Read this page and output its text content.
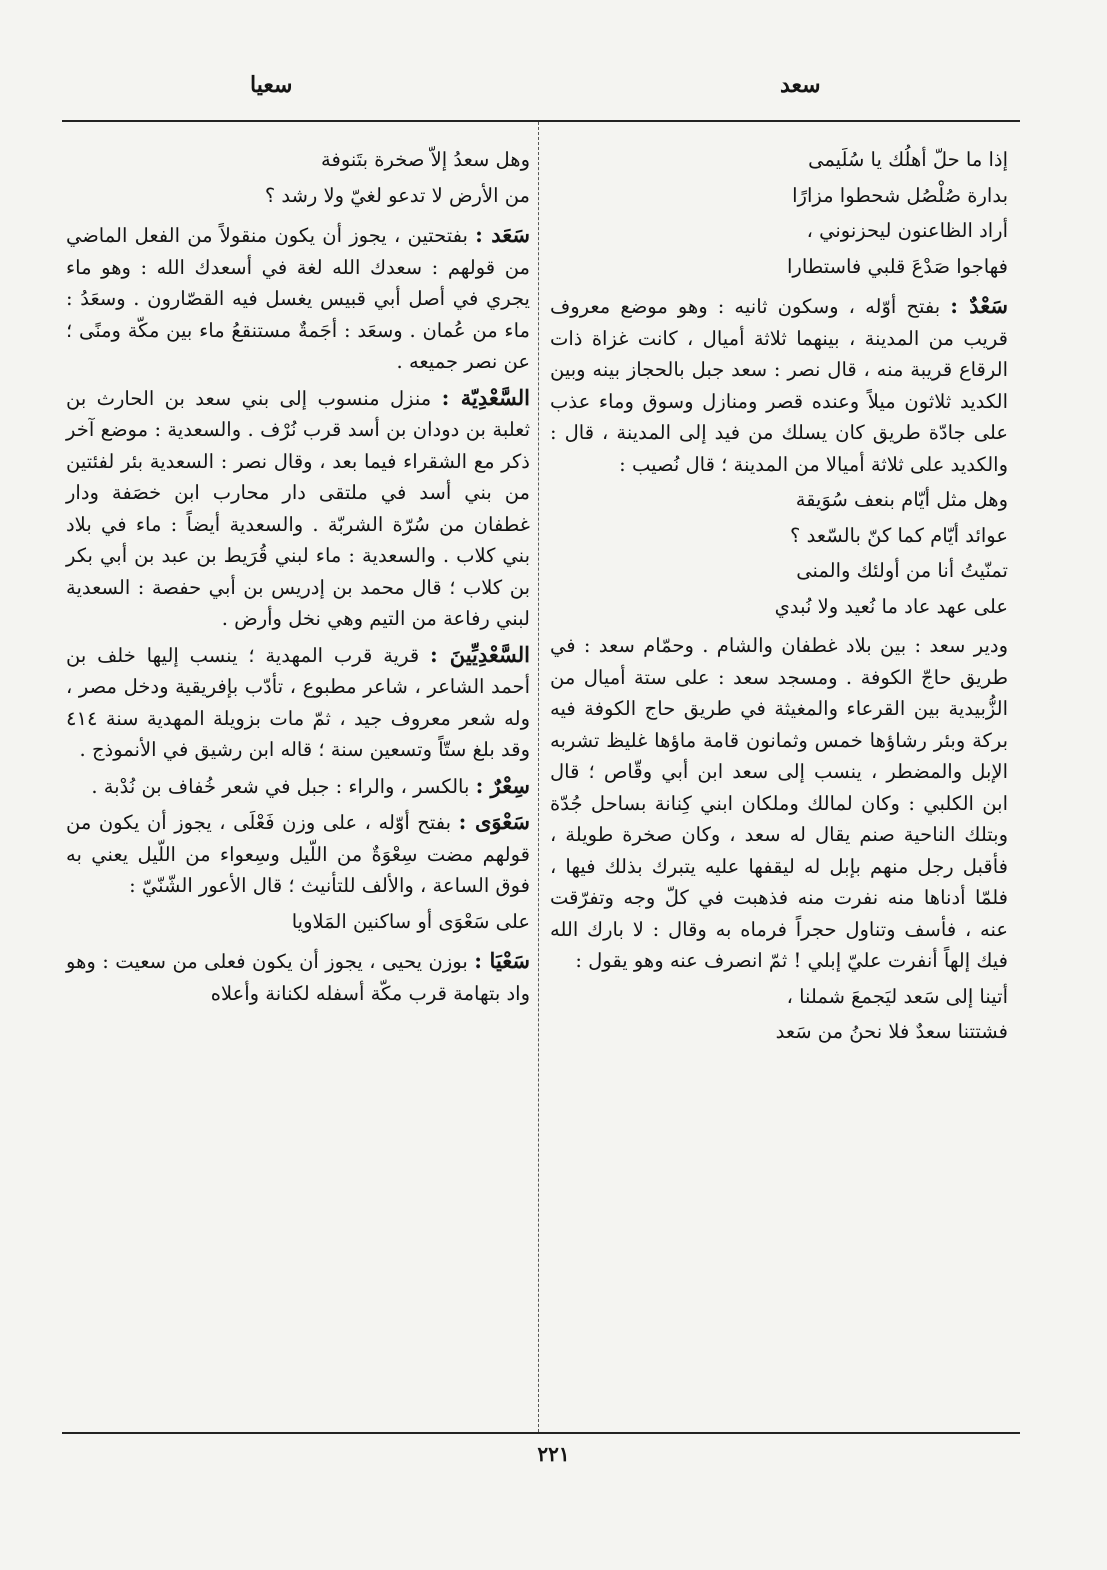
سعد
سعيا

إذا ما حلّ أهلُك يا سُلَيمى

بدارة صُلْصُل شحطوا مزارًا

أراد الظاعنون ليحزنوني ،

فهاجوا صَدْعَ قلبي فاستطارا

سَعْدٌ : بفتح أوّله ، وسكون ثانيه : وهو موضع معروف قريب من المدينة ، بينهما ثلاثة أميال ، كانت غزاة ذات الرقاع قريبة منه ، قال نصر : سعد جبل بالحجاز بينه وبين الكديد ثلاثون ميلاً وعنده قصر ومنازل وسوق وماء عذب على جادّة طريق كان يسلك من فيد إلى المدينة ، قال : والكديد على ثلاثة أميالا من المدينة ؛ قال نُصيب :

وهل مثل أيّام بنعف سُوَيقة

عوائد أيّام كما كنّ بالسّعد ؟

تمنّيتُ أنا من أولئك والمنى

على عهد عاد ما نُعيد ولا نُبدي

ودير سعد : بين بلاد غطفان والشام . وحمّام سعد : في طريق حاجّ الكوفة . ومسجد سعد : على ستة أميال من الزُّبيدية بين القرعاء والمغيثة في طريق حاج الكوفة فيه بركة وبئر رشاؤها خمس وثمانون قامة ماؤها غليظ تشربه الإبل والمضطر ، ينسب إلى سعد ابن أبي وقّاص ؛ قال ابن الكلبي : وكان لمالك وملكان ابني كِنانة بساحل جُدّة وبتلك الناحية صنم يقال له سعد ، وكان صخرة طويلة ، فأقبل رجل منهم بإبل له ليقفها عليه يتبرك بذلك فيها ، فلمّا أدناها منه نفرت منه فذهبت في كلّ وجه وتفرّقت عنه ، فأسف وتناول حجراً فرماه به وقال : لا بارك الله فيك إلهاً أنفرت عليّ إبلي ! ثمّ انصرف عنه وهو يقول :

أتينا إلى سَعد ليَجمعَ شملنا ،

فشتتنا سعدٌ فلا نحنُ من سَعد

وهل سعدُ إلاّ صخرة بتَنوفة

من الأرض لا تدعو لغيّ ولا رشد ؟

سَعَد : بفتحتين ، يجوز أن يكون منقولاً من الفعل الماضي من قولهم : سعدك الله لغة في أسعدك الله : وهو ماء يجري في أصل أبي قبيس يغسل فيه القصّارون . وسعَدُ : ماء من عُمان . وسعَد : أجَمةٌ مستنقعُ ماء بين مكّة ومنًى ؛ عن نصر جميعه .

السَّعْدِيّة : منزل منسوب إلى بني سعد بن الحارث بن ثعلبة بن دودان بن أسد قرب نُرْف . والسعدية : موضع آخر ذكر مع الشقراء فيما بعد ، وقال نصر : السعدية بئر لفئتين من بني أسد في ملتقى دار محارب ابن خصَفة ودار غطفان من سُرّة الشربّة . والسعدية أيضاً : ماء في بلاد بني كلاب . والسعدية : ماء لبني قُرَيط بن عبد بن أبي بكر بن كلاب ؛ قال محمد بن إدريس بن أبي حفصة : السعدية لبني رفاعة من التيم وهي نخل وأرض .

السَّعْدِيِّينَ : قرية قرب المهدية ؛ ينسب إليها خلف بن أحمد الشاعر ، شاعر مطبوع ، تأدّب بإفريقية ودخل مصر ، وله شعر معروف جيد ، ثمّ مات بزويلة المهدية سنة ٤١٤ وقد بلغ ستّاً وتسعين سنة ؛ قاله ابن رشيق في الأنموذج .

سِعْرٌ : بالكسر ، والراء : جبل في شعر خُفاف بن نُدْبة .

سَعْوَى : بفتح أوّله ، على وزن فَعْلَى ، يجوز أن يكون من قولهم مضت سِعْوَةٌ من اللّيل وسِعواء من اللّيل يعني به فوق الساعة ، والألف للتأنيث ؛ قال الأعور الشّنّيّ :

على سَعْوَى أو ساكنين المَلاويا

سَعْيَا : بوزن يحيى ، يجوز أن يكون فعلى من سعيت : وهو واد بتهامة قرب مكّة أسفله لكنانة وأعلاه

٢٢١
